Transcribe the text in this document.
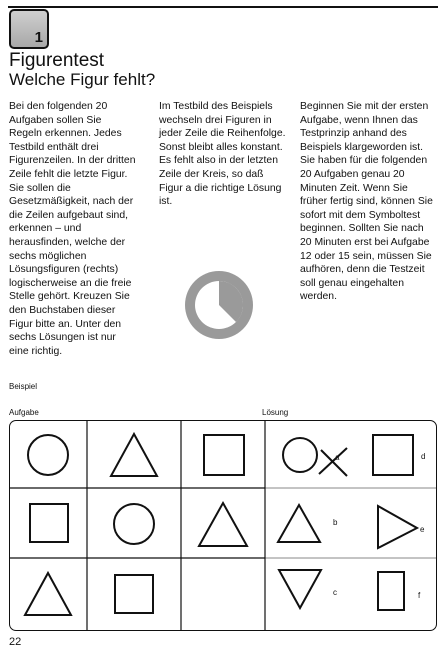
1
Figurentest
Welche Figur fehlt?
Bei den folgenden 20 Aufgaben sollen Sie Regeln erkennen. Jedes Testbild enthält drei Figurenzeilen. In der dritten Zeile fehlt die letzte Figur. Sie sollen die Gesetzmäßigkeit, nach der die Zeilen aufgebaut sind, erkennen – und herausfinden, welche der sechs möglichen Lösungsfiguren (rechts) logischerweise an die freie Stelle gehört. Kreuzen Sie den Buchstaben dieser Figur bitte an. Unter den sechs Lösungen ist nur eine richtig.
Im Testbild des Beispiels wechseln drei Figuren in jeder Zeile die Reihenfolge. Sonst bleibt alles konstant. Es fehlt also in der letzten Zeile der Kreis, so daß Figur a die richtige Lösung ist.
Beginnen Sie mit der ersten Aufgabe, wenn Ihnen das Testprinzip anhand des Beispiels klargeworden ist. Sie haben für die folgenden 20 Aufgaben genau 20 Minuten Zeit. Wenn Sie früher fertig sind, können Sie sofort mit dem Symboltest beginnen. Sollten Sie nach 20 Minuten erst bei Aufgabe 12 oder 15 sein, müssen Sie aufhören, denn die Testzeit soll genau eingehalten werden.
Beispiel
Aufgabe	Lösung
a	d
b
e
c	f
22
